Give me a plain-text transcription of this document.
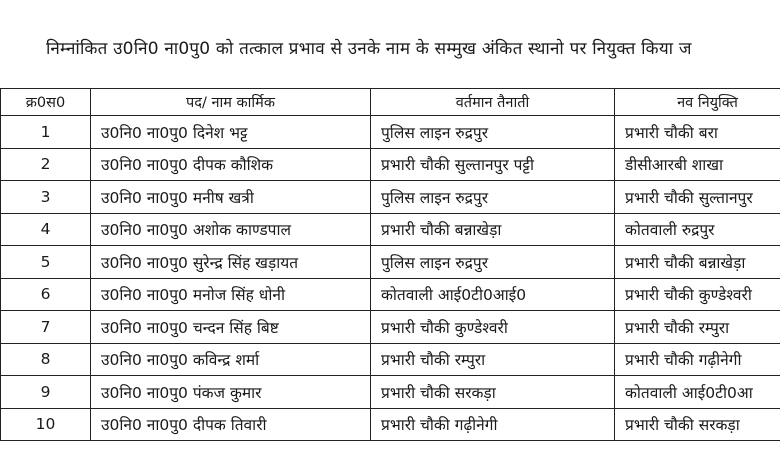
निम्नांकित उ0नि0 ना0पु0 को तत्काल प्रभाव से उनके नाम के सम्मुख अंकित स्थानो पर नियुक्त किया ज
क्र0स0	पद/ नाम कार्मिक	वर्तमान तैनाती	नव नियुक्ति
1	उ0नि0 ना0पु0 दिनेश भट्ट	पुलिस लाइन रुद्रपुर	प्रभारी चौकी बरा
2	उ0नि0 ना0पु0 दीपक कौशिक	प्रभारी चौकी सुल्तानपुर पट्टी	डीसीआरबी शाखा
3	उ0नि0 ना0पु0 मनीष खत्री	पुलिस लाइन रुद्रपुर	प्रभारी चौकी सुल्तानपुर
4	उ0नि0 ना0पु0 अशोक काण्डपाल	प्रभारी चौकी बन्नाखेड़ा	कोतवाली रुद्रपुर
5	उ0नि0 ना0पु0 सुरेन्द्र सिंह खड़ायत	पुलिस लाइन रुद्रपुर	प्रभारी चौकी बन्नाखेड़ा
6	उ0नि0 ना0पु0 मनोज सिंह धोनी	कोतवाली आई0टी0आई0	प्रभारी चौकी कुण्डेश्वरी
7	उ0नि0 ना0पु0 चन्दन सिंह बिष्ट	प्रभारी चौकी कुण्डेश्वरी	प्रभारी चौकी रम्पुरा
8	उ0नि0 ना0पु0 कविन्द्र शर्मा	प्रभारी चौकी रम्पुरा	प्रभारी चौकी गढ़ीनेगी
9	उ0नि0 ना0पु0 पंकज कुमार	प्रभारी चौकी सरकड़ा	कोतवाली आई0टी0आ
10	उ0नि0 ना0पु0 दीपक तिवारी	प्रभारी चौकी गढ़ीनेगी	प्रभारी चौकी सरकड़ा
